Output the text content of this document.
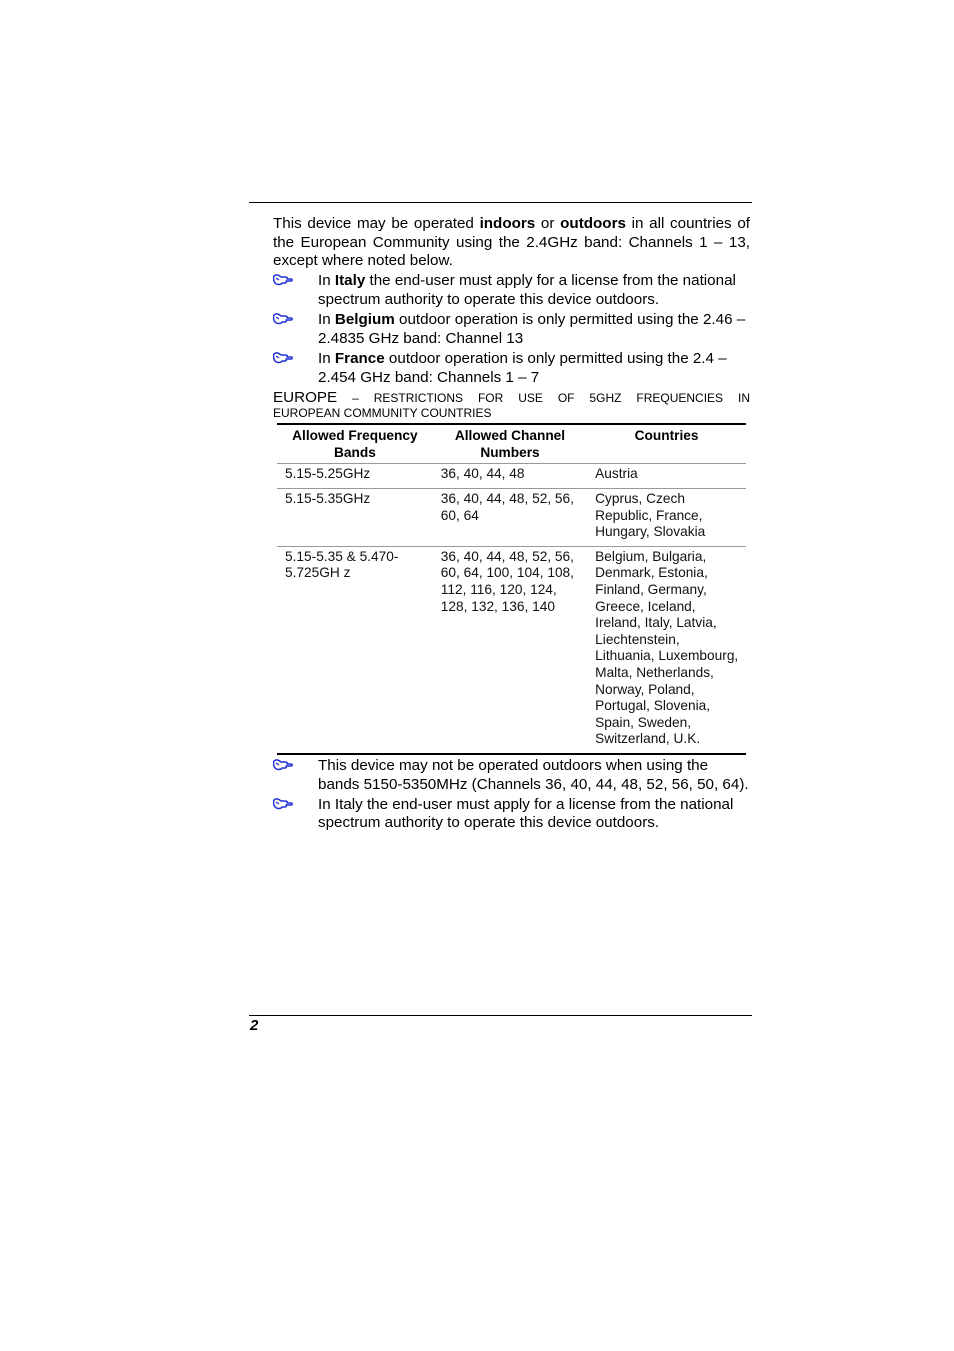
This device may be operated indoors or outdoors in all countries of the European Community using the 2.4GHz band: Channels 1 – 13, except where noted below.

In Italy the end-user must apply for a license from the national spectrum authority to operate this device outdoors.
In Belgium outdoor operation is only permitted using the 2.46 – 2.4835 GHz band: Channel 13
In France outdoor operation is only permitted using the 2.4 – 2.454 GHz band: Channels 1 – 7
EUROPE – RESTRICTIONS FOR USE OF 5GHZ FREQUENCIES IN
EUROPEAN COMMUNITY COUNTRIES
Allowed Frequency Bands	Allowed Channel Numbers	Countries
5.15-5.25GHz	36, 40, 44, 48	Austria
5.15-5.35GHz	36, 40, 44, 48, 52, 56, 60, 64	Cyprus, Czech Republic, France, Hungary, Slovakia
5.15-5.35 & 5.470-5.725GH z	36, 40, 44, 48, 52, 56, 60, 64, 100, 104, 108, 112, 116, 120, 124, 128, 132, 136, 140	Belgium, Bulgaria, Denmark, Estonia, Finland, Germany, Greece, Iceland, Ireland, Italy, Latvia, Liechtenstein, Lithuania, Luxembourg, Malta, Netherlands, Norway, Poland, Portugal, Slovenia, Spain, Sweden, Switzerland, U.K.
This device may not be operated outdoors when using the bands 5150-5350MHz (Channels 36, 40, 44, 48, 52, 56, 50, 64).
In Italy the end-user must apply for a license from the national spectrum authority to operate this device outdoors.
2
